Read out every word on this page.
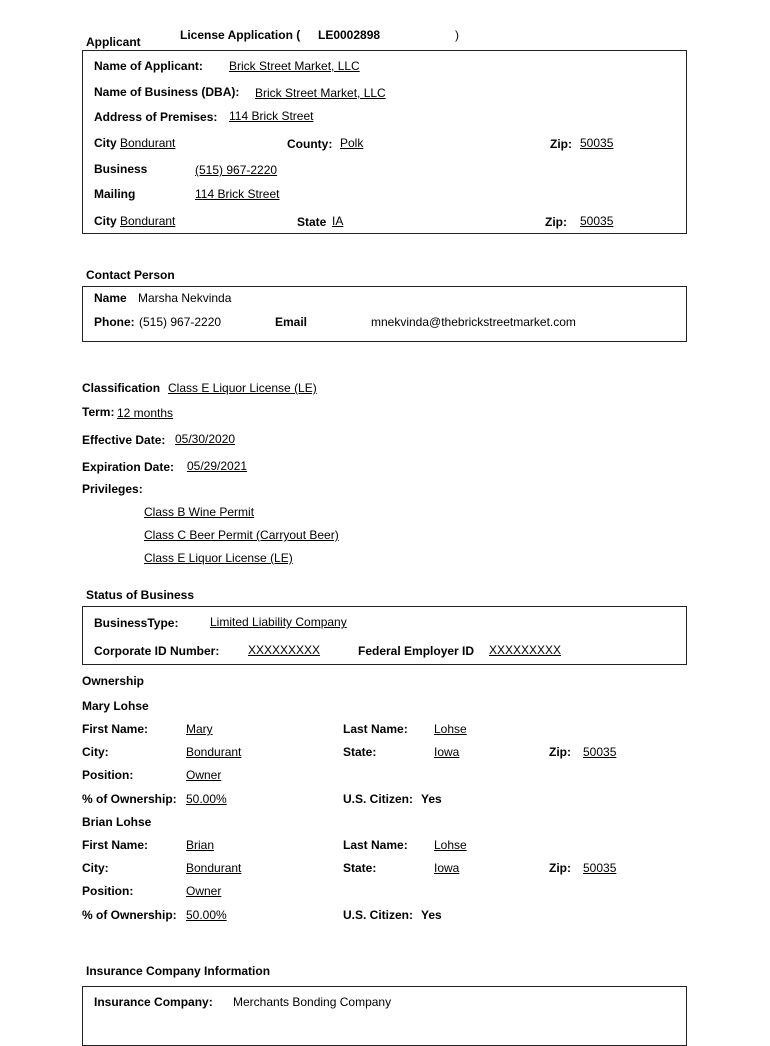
Applicant	License Application ( LE0002898	)
Name of Applicant: Brick Street Market, LLC
Name of Business (DBA): Brick Street Market, LLC
Address of Premises: 114 Brick Street
City Bondurant	County: Polk	Zip: 50035
Business	(515) 967-2220
Mailing	114 Brick Street
City Bondurant	State IA	Zip: 50035
Contact Person
Name Marsha Nekvinda
Phone: (515) 967-2220	Email	mnekvinda@thebrickstreetmarket.com
Classification Class E Liquor License (LE)
Term: 12 months
Effective Date: 05/30/2020
Expiration Date: 05/29/2021
Privileges:
Class B Wine Permit
Class C Beer Permit (Carryout Beer)
Class E Liquor License (LE)
Status of Business
BusinessType:	Limited Liability Company
Corporate ID Number: XXXXXXXXX	Federal Employer ID XXXXXXXXX
Ownership
Mary Lohse
First Name:	Mary	Last Name: Lohse
City:	Bondurant	State:	Iowa	Zip: 50035
Position:	Owner
% of Ownership: 50.00%	U.S. Citizen: Yes
Brian Lohse
First Name:	Brian	Last Name: Lohse
City:	Bondurant	State:	Iowa	Zip: 50035
Position:	Owner
% of Ownership: 50.00%	U.S. Citizen: Yes
Insurance Company Information
Insurance Company: Merchants Bonding Company
